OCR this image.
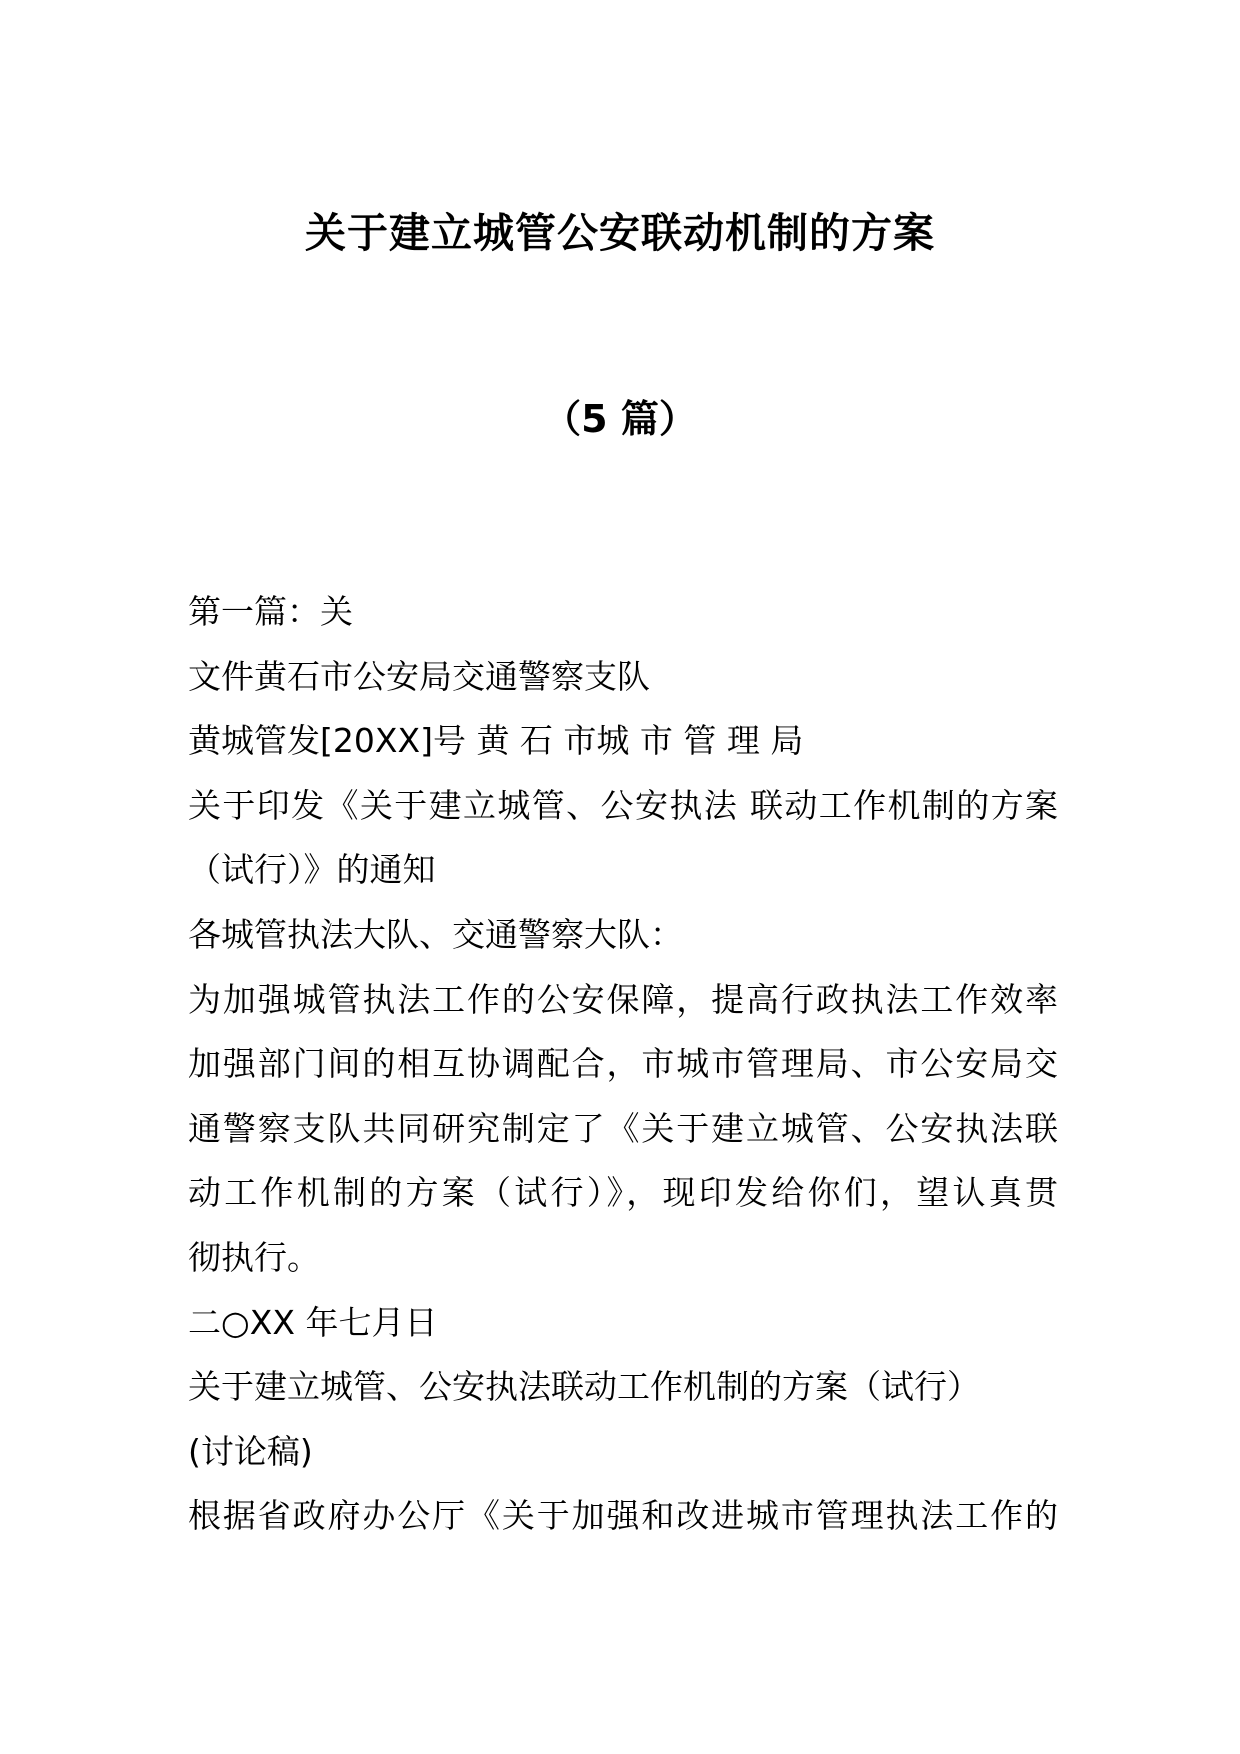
关于建立城管公安联动机制的方案
（5 篇）
第一篇：关
文件黄石市公安局交通警察支队
黄城管发[20XX]号 黄 石 市城 市 管 理 局
关于印发《关于建立城管、公安执法 联动工作机制的方案
（试行）》的通知
各城管执法大队、交通警察大队：
为加强城管执法工作的公安保障，提高行政执法工作效率
加强部门间的相互协调配合，市城市管理局、市公安局交
通警察支队共同研究制定了《关于建立城管、公安执法联
动工作机制的方案（试行）》，现印发给你们，望认真贯
彻执行。
二○XX 年七月日
关于建立城管、公安执法联动工作机制的方案（试行）
(讨论稿)
根据省政府办公厅《关于加强和改进城市管理执法工作的
